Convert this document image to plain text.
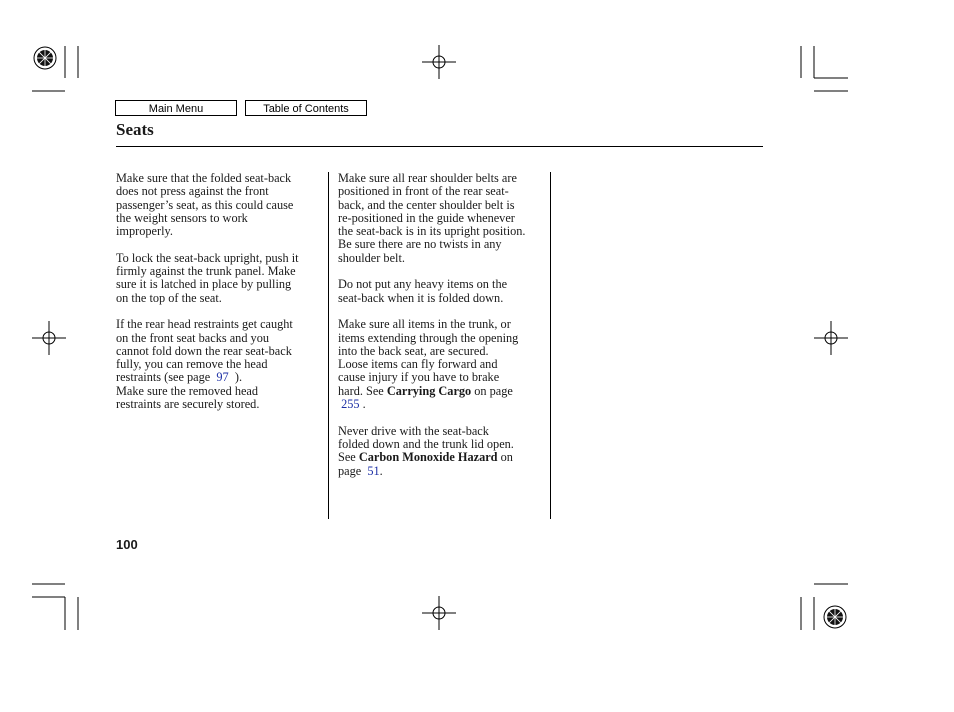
Main Menu	Table of Contents
Seats

Make sure that the folded seat-back
does not press against the front
passenger’s seat, as this could cause
the weight sensors to work
improperly.

To lock the seat-back upright, push it
firmly against the trunk panel. Make
sure it is latched in place by pulling
on the top of the seat.

If the rear head restraints get caught
on the front seat backs and you
cannot fold down the rear seat-back
fully, you can remove the head
restraints (see page 97 ).
Make sure the removed head
restraints are securely stored.

Make sure all rear shoulder belts are
positioned in front of the rear seat-
back, and the center shoulder belt is
re-positioned in the guide whenever
the seat-back is in its upright position.
Be sure there are no twists in any
shoulder belt.

Do not put any heavy items on the
seat-back when it is folded down.

Make sure all items in the trunk, or
items extending through the opening
into the back seat, are secured.
Loose items can fly forward and
cause injury if you have to brake
hard. See Carrying Cargo on page
255 .

Never drive with the seat-back
folded down and the trunk lid open.
See Carbon Monoxide Hazard on
page 51.

100
